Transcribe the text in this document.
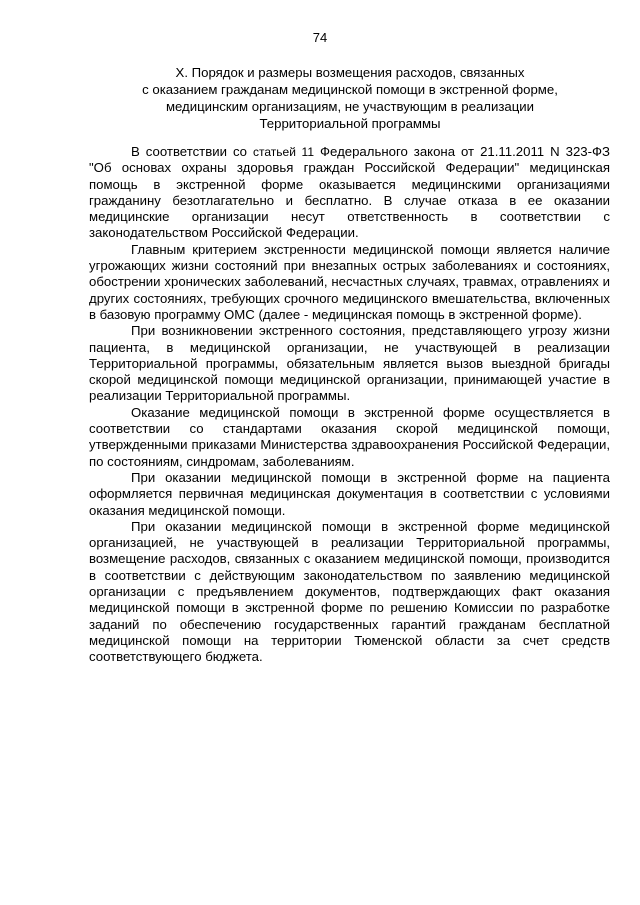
74
X. Порядок и размеры возмещения расходов, связанных
с оказанием гражданам медицинской помощи в экстренной форме,
медицинским организациям, не участвующим в реализации
Территориальной программы

В соответствии со статьей 11 Федерального закона от 21.11.2011 N 323-ФЗ "Об основах охраны здоровья граждан Российской Федерации" медицинская помощь в экстренной форме оказывается медицинскими организациями гражданину безотлагательно и бесплатно. В случае отказа в ее оказании медицинские организации несут ответственность в соответствии с законодательством Российской Федерации.

Главным критерием экстренности медицинской помощи является наличие угрожающих жизни состояний при внезапных острых заболеваниях и состояниях, обострении хронических заболеваний, несчастных случаях, травмах, отравлениях и других состояниях, требующих срочного медицинского вмешательства, включенных в базовую программу ОМС (далее - медицинская помощь в экстренной форме).

При возникновении экстренного состояния, представляющего угрозу жизни пациента, в медицинской организации, не участвующей в реализации Территориальной программы, обязательным является вызов выездной бригады скорой медицинской помощи медицинской организации, принимающей участие в реализации Территориальной программы.

Оказание медицинской помощи в экстренной форме осуществляется в соответствии со стандартами оказания скорой медицинской помощи, утвержденными приказами Министерства здравоохранения Российской Федерации, по состояниям, синдромам, заболеваниям.

При оказании медицинской помощи в экстренной форме на пациента оформляется первичная медицинская документация в соответствии с условиями оказания медицинской помощи.

При оказании медицинской помощи в экстренной форме медицинской организацией, не участвующей в реализации Территориальной программы, возмещение расходов, связанных с оказанием медицинской помощи, производится в соответствии с действующим законодательством по заявлению медицинской организации с предъявлением документов, подтверждающих факт оказания медицинской помощи в экстренной форме по решению Комиссии по разработке заданий по обеспечению государственных гарантий гражданам бесплатной медицинской помощи на территории Тюменской области за счет средств соответствующего бюджета.
